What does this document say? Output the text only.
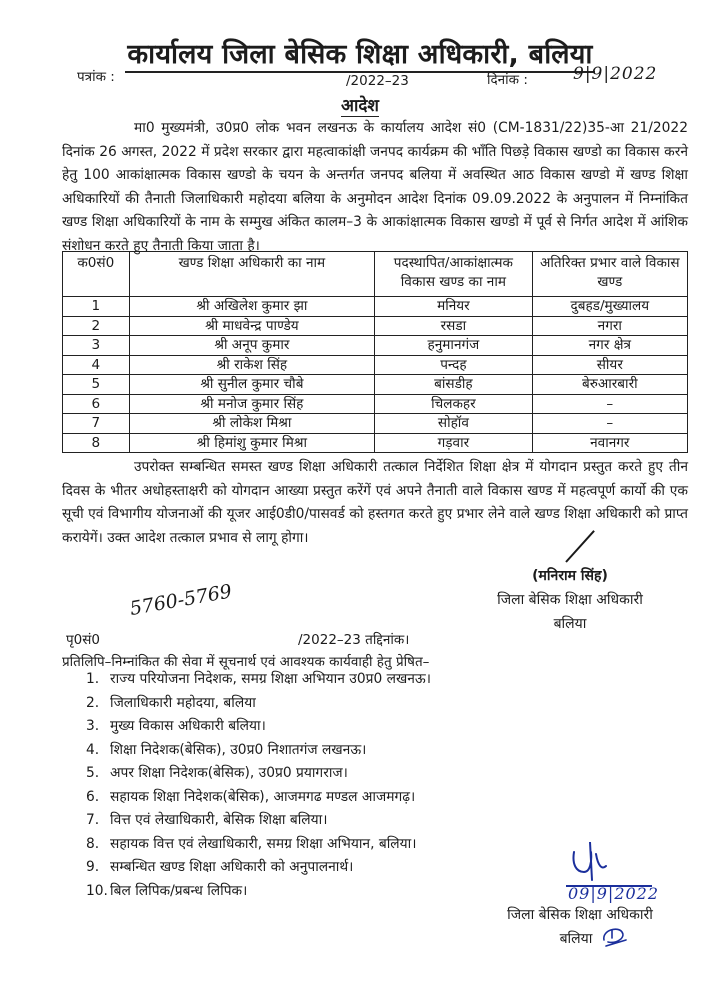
कार्यालय जिला बेसिक शिक्षा अधिकारी, बलिया
पत्रांक :	/2022–23	दिनांक :	9|9|2022
आदेश

मा0 मुख्यमंत्री, उ0प्र0 लोक भवन लखनऊ के कार्यालय आदेश सं0 (CM-1831/22)35-आ 21/2022 दिनांक 26 अगस्त, 2022 में प्रदेश सरकार द्वारा महत्वाकांक्षी जनपद कार्यक्रम की भाँति पिछड़े विकास खण्डो का विकास करने हेतु 100 आकांक्षात्मक विकास खण्डो के चयन के अन्तर्गत जनपद बलिया में अवस्थित आठ विकास खण्डो में खण्ड शिक्षा अधिकारियों की तैनाती जिलाधिकारी महोदया बलिया के अनुमोदन आदेश दिनांक 09.09.2022 के अनुपालन में निम्नांकित खण्ड शिक्षा अधिकारियों के नाम के सम्मुख अंकित कालम–3 के आकांक्षात्मक विकास खण्डो में पूर्व से निर्गत आदेश में आंशिक संशोधन करते हुए तैनाती किया जाता है।

क0सं0	खण्ड शिक्षा अधिकारी का नाम	पदस्थापित/आकांक्षात्मक विकास खण्ड का नाम	अतिरिक्त प्रभार वाले विकास खण्ड
1	श्री अखिलेश कुमार झा	मनियर	दुबहड/मुख्यालय
2	श्री माधवेन्द्र पाण्डेय	रसडा	नगरा
3	श्री अनूप कुमार	हनुमानगंज	नगर क्षेत्र
4	श्री राकेश सिंह	पन्दह	सीयर
5	श्री सुनील कुमार चौबे	बांसडीह	बेरुआरबारी
6	श्री मनोज कुमार सिंह	चिलकहर	–
7	श्री लोकेश मिश्रा	सोहॉव	–
8	श्री हिमांशु कुमार मिश्रा	गड़वार	नवानगर

उपरोक्त सम्बन्धित समस्त खण्ड शिक्षा अधिकारी तत्काल निर्देशित शिक्षा क्षेत्र में योगदान प्रस्तुत करते हुए तीन दिवस के भीतर अधोहस्ताक्षरी को योगदान आख्या प्रस्तुत करेंगें एवं अपने तैनाती वाले विकास खण्ड में महत्वपूर्ण कार्यो की एक सूची एवं विभागीय योजनाओं की यूजर आई0डी0/पासवर्ड को हस्तगत करते हुए प्रभार लेने वाले खण्ड शिक्षा अधिकारी को प्राप्त करायेगें। उक्त आदेश तत्काल प्रभाव से लागू होगा।

(मनिराम सिंह)
जिला बेसिक शिक्षा अधिकारी
बलिया
पृ0सं0
5760-5769
/2022–23 तद्दिनांक।
प्रतिलिपि–निम्नांकित की सेवा में सूचनार्थ एवं आवश्यक कार्यवाही हेतु प्रेषित–
1. राज्य परियोजना निदेशक, समग्र शिक्षा अभियान उ0प्र0 लखनऊ।
2. जिलाधिकारी महोदया, बलिया
3. मुख्य विकास अधिकारी बलिया।
4. शिक्षा निदेशक(बेसिक), उ0प्र0 निशातगंज लखनऊ।
5. अपर शिक्षा निदेशक(बेसिक), उ0प्र0 प्रयागराज।
6. सहायक शिक्षा निदेशक(बेसिक), आजमगढ मण्डल आजमगढ़।
7. वित्त एवं लेखाधिकारी, बेसिक शिक्षा बलिया।
8. सहायक वित्त एवं लेखाधिकारी, समग्र शिक्षा अभियान, बलिया।
9. सम्बन्धित खण्ड शिक्षा अधिकारी को अनुपालनार्थ।
10. बिल लिपिक/प्रबन्ध लिपिक।	09|9|2022
जिला बेसिक शिक्षा अधिकारी
बलिया
